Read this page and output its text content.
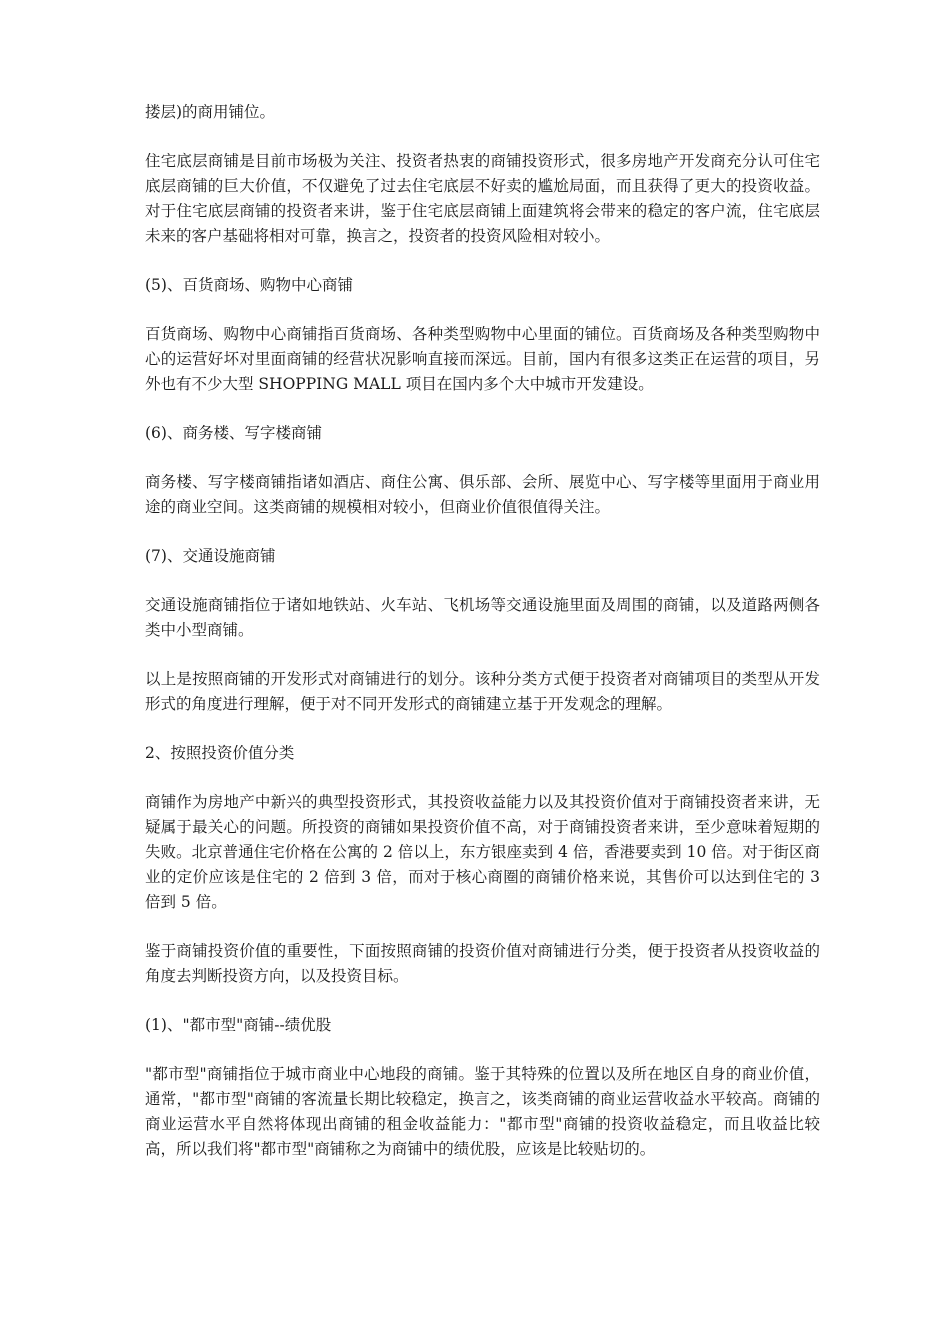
搂层)的商用铺位。

住宅底层商铺是目前市场极为关注、投资者热衷的商铺投资形式，很多房地产开发商充分认可住宅底层商铺的巨大价值，不仅避免了过去住宅底层不好卖的尴尬局面，而且获得了更大的投资收益。对于住宅底层商铺的投资者来讲，鉴于住宅底层商铺上面建筑将会带来的稳定的客户流，住宅底层未来的客户基础将相对可靠，换言之，投资者的投资风险相对较小。

(5)、百货商场、购物中心商铺

百货商场、购物中心商铺指百货商场、各种类型购物中心里面的铺位。百货商场及各种类型购物中心的运营好坏对里面商铺的经营状况影响直接而深远。目前，国内有很多这类正在运营的项目，另外也有不少大型 SHOPPING MALL 项目在国内多个大中城市开发建设。

(6)、商务楼、写字楼商铺

商务楼、写字楼商铺指诸如酒店、商住公寓、俱乐部、会所、展览中心、写字楼等里面用于商业用途的商业空间。这类商铺的规模相对较小，但商业价值很值得关注。

(7)、交通设施商铺

交通设施商铺指位于诸如地铁站、火车站、飞机场等交通设施里面及周围的商铺，以及道路两侧各类中小型商铺。

以上是按照商铺的开发形式对商铺进行的划分。该种分类方式便于投资者对商铺项目的类型从开发形式的角度进行理解，便于对不同开发形式的商铺建立基于开发观念的理解。

2、按照投资价值分类

商铺作为房地产中新兴的典型投资形式，其投资收益能力以及其投资价值对于商铺投资者来讲，无疑属于最关心的问题。所投资的商铺如果投资价值不高，对于商铺投资者来讲，至少意味着短期的失败。北京普通住宅价格在公寓的 2 倍以上，东方银座卖到 4 倍，香港要卖到 10 倍。对于街区商业的定价应该是住宅的 2 倍到 3 倍，而对于核心商圈的商铺价格来说，其售价可以达到住宅的 3 倍到 5 倍。

鉴于商铺投资价值的重要性，下面按照商铺的投资价值对商铺进行分类，便于投资者从投资收益的角度去判断投资方向，以及投资目标。

(1)、"都市型"商铺--绩优股

"都市型"商铺指位于城市商业中心地段的商铺。鉴于其特殊的位置以及所在地区自身的商业价值，通常，"都市型"商铺的客流量长期比较稳定，换言之，该类商铺的商业运营收益水平较高。商铺的商业运营水平自然将体现出商铺的租金收益能力："都市型"商铺的投资收益稳定，而且收益比较高，所以我们将"都市型"商铺称之为商铺中的绩优股，应该是比较贴切的。
